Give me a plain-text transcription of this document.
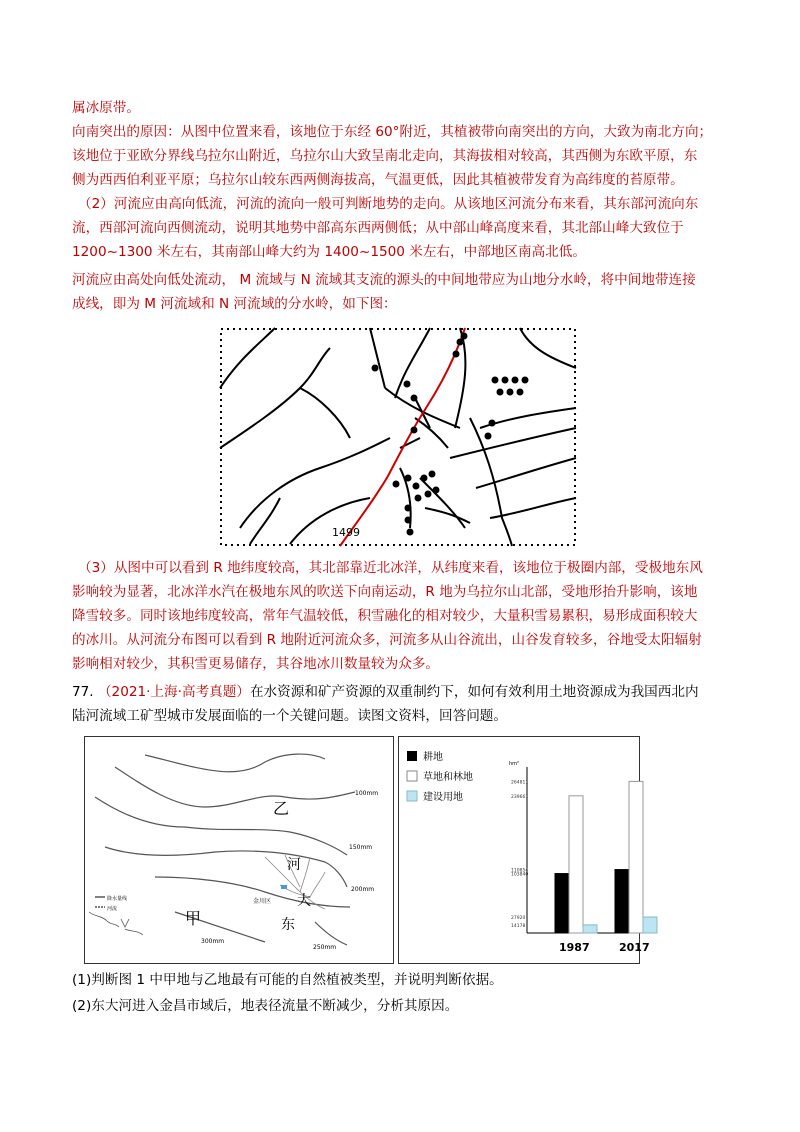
属冰原带。
向南突出的原因：从图中位置来看，该地位于东经 60°附近，其植被带向南突出的方向，大致为南北方向；
该地位于亚欧分界线乌拉尔山附近，乌拉尔山大致呈南北走向，其海拔相对较高，其西侧为东欧平原，东
侧为西西伯利亚平原；乌拉尔山较东西两侧海拔高，气温更低，因此其植被带发育为高纬度的苔原带。
（2）河流应由高向低流，河流的流向一般可判断地势的走向。从该地区河流分布来看，其东部河流向东
流，西部河流向西侧流动，说明其地势中部高东西两侧低；从中部山峰高度来看，其北部山峰大致位于
1200~1300 米左右，其南部山峰大约为 1400~1500 米左右，中部地区南高北低。
河流应由高处向低处流动， M 流域与 N 流域其支流的源头的中间地带应为山地分水岭，将中间地带连接
成线，即为 M 河流域和 N 河流域的分水岭，如下图：
1499
（3）从图中可以看到 R 地纬度较高，其北部靠近北冰洋，从纬度来看，该地位于极圈内部，受极地东风
影响较为显著，北冰洋水汽在极地东风的吹送下向南运动，R 地为乌拉尔山北部，受地形抬升影响，该地
降雪较多。同时该地纬度较高，常年气温较低，积雪融化的相对较少，大量积雪易累积，易形成面积较大
的冰川。从河流分布图可以看到 R 地附近河流众多，河流多从山谷流出，山谷发育较多，谷地受太阳辐射
影响相对较少，其积雪更易储存，其谷地冰川数量较为众多。
77. （2021·上海·高考真题）在水资源和矿产资源的双重制约下，如何有效利用土地资源成为我国西北内
陆河流域工矿型城市发展面临的一个关键问题。读图文资料，回答问题。
降水量线
河流
乙
甲
河
大
东
100mm
150mm
200mm
250mm
300mm
金川区
耕地
草地和林地
建设用地
hm²
1987	2017
264811
239661
110854
103840
27920
14178
(1)判断图 1 中甲地与乙地最有可能的自然植被类型，并说明判断依据。
(2)东大河进入金昌市域后，地表径流量不断减少，分析其原因。
